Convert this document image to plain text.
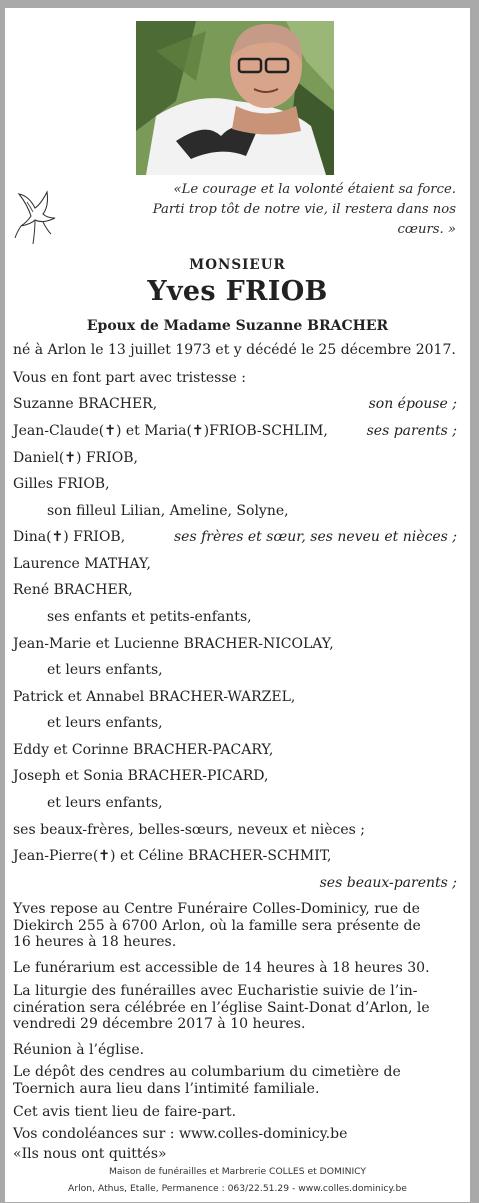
«Le courage et la volonté étaient sa force.
Parti trop tôt de notre vie, il restera dans nos
cœurs. »
MONSIEUR
Yves FRIOB
Epoux de Madame Suzanne BRACHER
né à Arlon le 13 juillet 1973 et y décédé le 25 décembre 2017.
Vous en font part avec tristesse :
Suzanne BRACHER,	son épouse ;
Jean-Claude(✝) et Maria(✝)FRIOB-SCHLIM,	ses parents ;
Daniel(✝) FRIOB,
Gilles FRIOB,
son filleul Lilian, Ameline, Solyne,
Dina(✝) FRIOB,	ses frères et sœur, ses neveu et nièces ;
Laurence MATHAY,
René BRACHER,
ses enfants et petits-enfants,
Jean-Marie et Lucienne BRACHER-NICOLAY,
et leurs enfants,
Patrick et Annabel BRACHER-WARZEL,
et leurs enfants,
Eddy et Corinne BRACHER-PACARY,
Joseph et Sonia BRACHER-PICARD,
et leurs enfants,
ses beaux-frères, belles-sœurs, neveux et nièces ;
Jean-Pierre(✝) et Céline BRACHER-SCHMIT,
ses beaux-parents ;
Yves repose au Centre Funéraire Colles-Dominicy, rue de
Diekirch 255 à 6700 Arlon, où la famille sera présente de
16 heures à 18 heures.
Le funérarium est accessible de 14 heures à 18 heures 30.
La liturgie des funérailles avec Eucharistie suivie de l’in-
cinération sera célébrée en l’église Saint-Donat d’Arlon, le
vendredi 29 décembre 2017 à 10 heures.
Réunion à l’église.
Le dépôt des cendres au columbarium du cimetière de
Toernich aura lieu dans l’intimité familiale.
Cet avis tient lieu de faire-part.
Vos condoléances sur : www.colles-dominicy.be
«Ils nous ont quittés»
Maison de funérailles et Marbrerie COLLES et DOMINICY
Arlon, Athus, Etalle, Permanence : 063/22.51.29 - www.colles.dominicy.be
